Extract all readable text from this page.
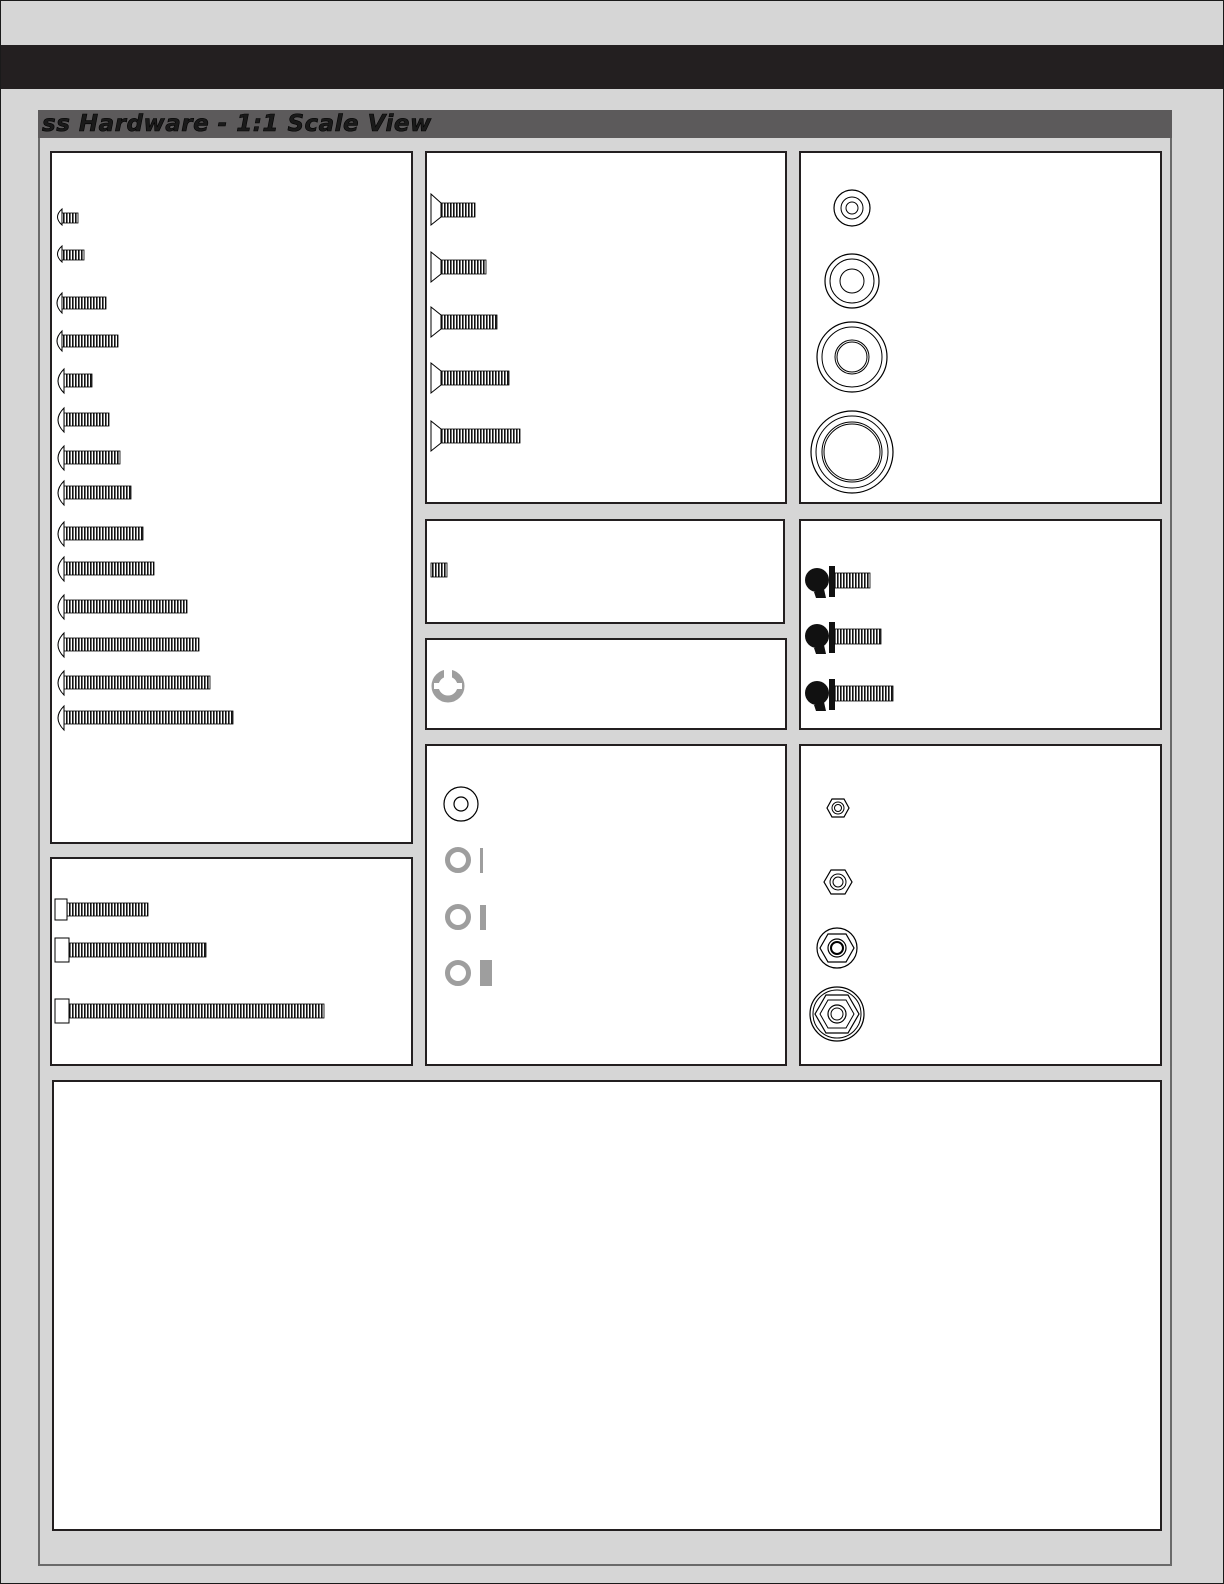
ss Hardware - 1:1 Scale View
